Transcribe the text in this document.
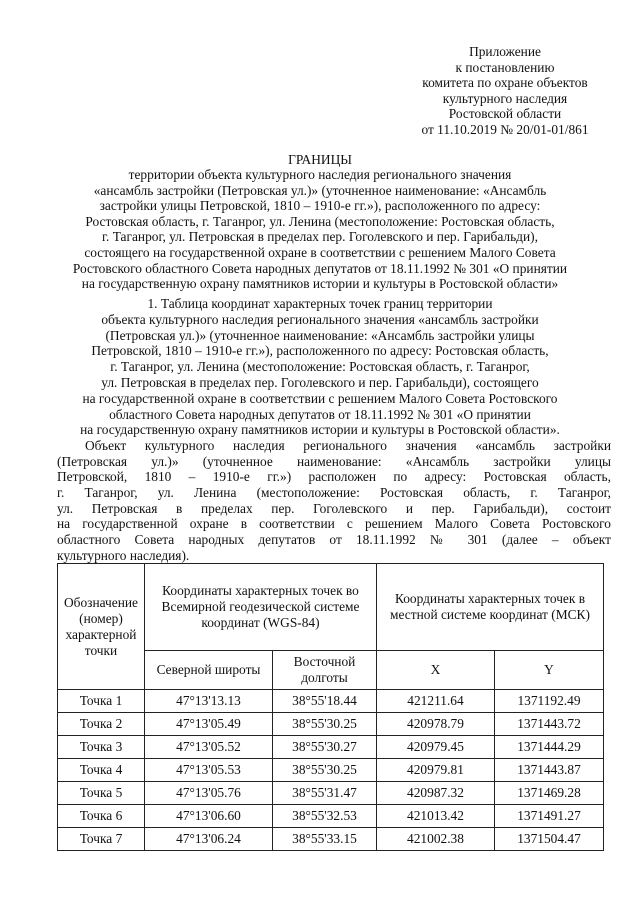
Приложение
к постановлению
комитета по охране объектов
культурного наследия
Ростовской области
от 11.10.2019 № 20/01-01/861
ГРАНИЦЫ
территории объекта культурного наследия регионального значения
«ансамбль застройки (Петровская ул.)» (уточненное наименование: «Ансамбль
застройки улицы Петровской, 1810 – 1910-е гг.»), расположенного по адресу:
Ростовская область, г. Таганрог, ул. Ленина (местоположение: Ростовская область,
г. Таганрог, ул. Петровская в пределах пер. Гоголевского и пер. Гарибальди),
состоящего на государственной охране в соответствии с решением Малого Совета
Ростовского областного Совета народных депутатов от 18.11.1992 № 301 «О принятии
на государственную охрану памятников истории и культуры в Ростовской области»
1. Таблица координат характерных точек границ территории
объекта культурного наследия регионального значения «ансамбль застройки
(Петровская ул.)» (уточненное наименование: «Ансамбль застройки улицы
Петровской, 1810 – 1910-е гг.»), расположенного по адресу: Ростовская область,
г. Таганрог, ул. Ленина (местоположение: Ростовская область, г. Таганрог,
ул. Петровская в пределах пер. Гоголевского и пер. Гарибальди), состоящего
на государственной охране в соответствии с решением Малого Совета Ростовского
областного Совета народных депутатов от 18.11.1992 № 301 «О принятии
на государственную охрану памятников истории и культуры в Ростовской области».
Объект культурного наследия регионального значения «ансамбль застройки
(Петровская ул.)» (уточненное наименование: «Ансамбль застройки улицы
Петровской, 1810 – 1910-е гг.») расположен по адресу: Ростовская область,
г. Таганрог, ул. Ленина (местоположение: Ростовская область, г. Таганрог,
ул. Петровская в пределах пер. Гоголевского и пер. Гарибальди), состоит
на государственной охране в соответствии с решением Малого Совета Ростовского
областного Совета народных депутатов от 18.11.1992 № 301 (далее – объект
культурного наследия).
Обозначение (номер) характерной точки	Координаты характерных точек во Всемирной геодезической системе координат (WGS-84)		Координаты характерных точек в местной системе координат (МСК)	
	Северной широты	Восточной долготы	X	Y
Точка 1	47°13'13.13	38°55'18.44	421211.64	1371192.49
Точка 2	47°13'05.49	38°55'30.25	420978.79	1371443.72
Точка 3	47°13'05.52	38°55'30.27	420979.45	1371444.29
Точка 4	47°13'05.53	38°55'30.25	420979.81	1371443.87
Точка 5	47°13'05.76	38°55'31.47	420987.32	1371469.28
Точка 6	47°13'06.60	38°55'32.53	421013.42	1371491.27
Точка 7	47°13'06.24	38°55'33.15	421002.38	1371504.47
